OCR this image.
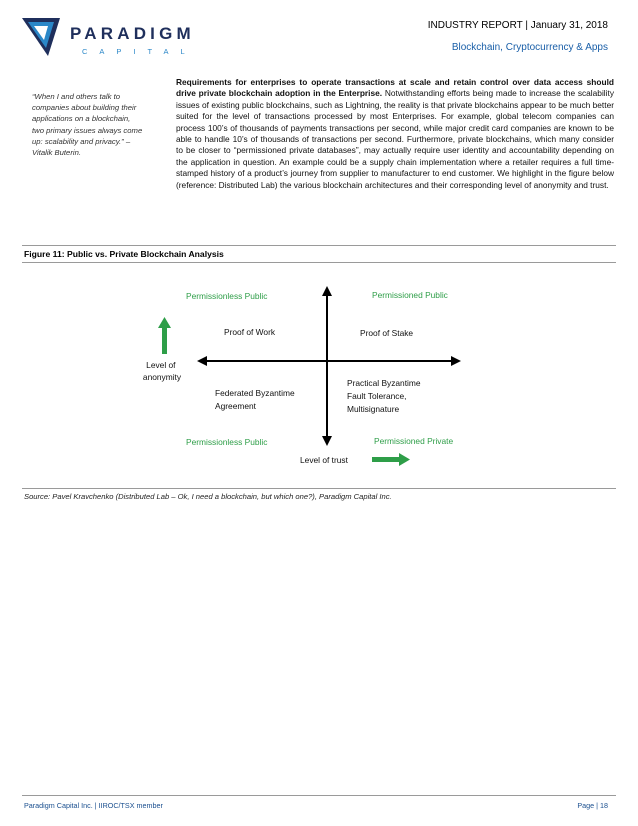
PARADIGM
CAPITAL
INDUSTRY REPORT | January 31, 2018
Blockchain, Cryptocurrency & Apps
“When I and others talk to companies about building their applications on a blockchain, two primary issues always come up: scalability and privacy.” – Vitalik Buterin.
Requirements for enterprises to operate transactions at scale and retain control over data access should drive private blockchain adoption in the Enterprise. Notwithstanding efforts being made to increase the scalability issues of existing public blockchains, such as Lightning, the reality is that private blockchains appear to be much better suited for the level of transactions processed by most Enterprises. For example, global telecom companies can process 100’s of thousands of payments transactions per second, while major credit card companies are known to be able to handle 10’s of thousands of transactions per second. Furthermore, private blockchains, which many consider to be closer to “permissioned private databases”, may actually require user identity and accountability depending on the application in question. An example could be a supply chain implementation where a retailer requires a full time-stamped history of a product’s journey from supplier to manufacturer to end customer. We highlight in the figure below (reference: Distributed Lab) the various blockchain architectures and their corresponding level of anonymity and trust.
Figure 11: Public vs. Private Blockchain Analysis
Permissionless Public	Permissioned Public
Permissionless Public	Permissioned Private
Proof of Work	Proof of Stake
Federated Byzantime Agreement
Practical Byzantime Fault Tolerance, Multisignature
Level of anonymity
Level of trust
Source: Pavel Kravchenko (Distributed Lab – Ok, I need a blockchain, but which one?), Paradigm Capital Inc.
Paradigm Capital Inc. | IIROC/TSX member	Page | 18
